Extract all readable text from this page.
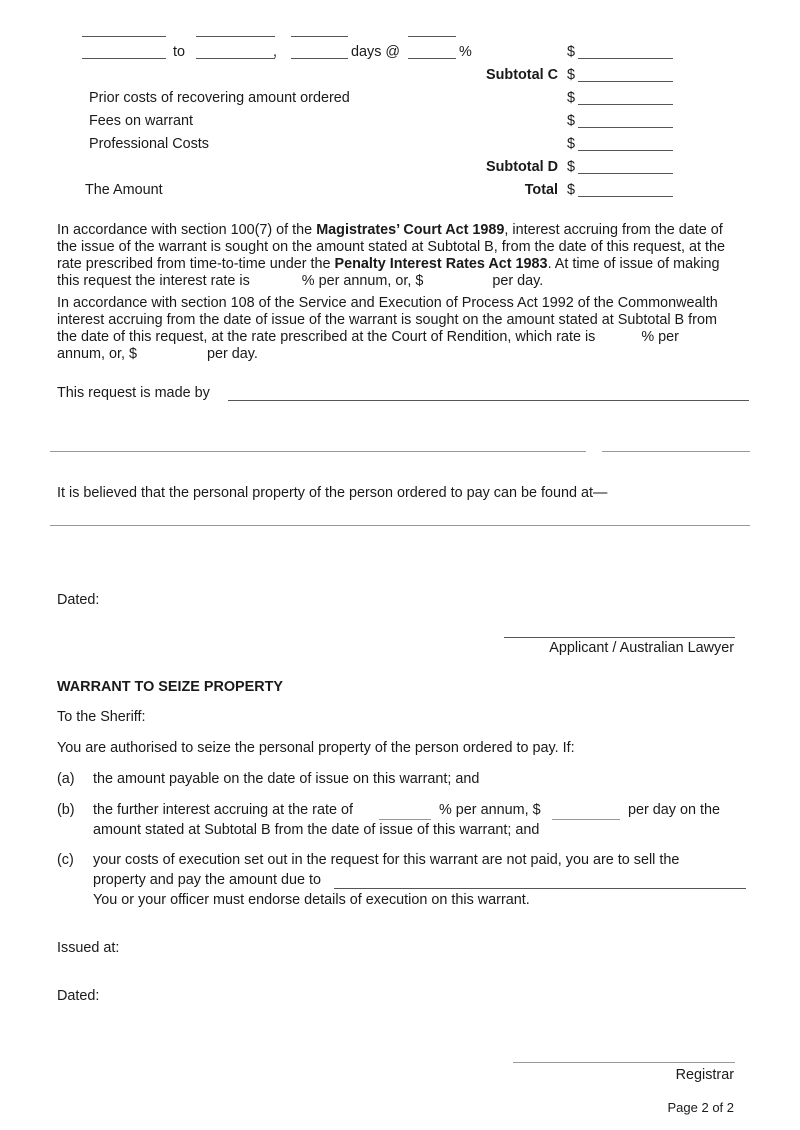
to	,	days @	%	$
Subtotal C $
Prior costs of recovering amount ordered	$
Fees on warrant	$
Professional Costs	$
Subtotal D $
The Amount	Total $
In accordance with section 100(7) of the Magistrates’ Court Act 1989, interest accruing from the date of
the issue of the warrant is sought on the amount stated at Subtotal B, from the date of this request, at the
rate prescribed from time-to-time under the Penalty Interest Rates Act 1983. At time of issue of making
this request the interest rate is	% per annum, or, $	per day.
In accordance with section 108 of the Service and Execution of Process Act 1992 of the Commonwealth
interest accruing from the date of issue of the warrant is sought on the amount stated at Subtotal B from
the date of this request, at the rate prescribed at the Court of Rendition, which rate is	% per
annum, or, $	per day.
This request is made by
It is believed that the personal property of the person ordered to pay can be found at—
Dated:
Applicant / Australian Lawyer
WARRANT TO SEIZE PROPERTY
To the Sheriff:
You are authorised to seize the personal property of the person ordered to pay. If:
(a) the amount payable on the date of issue on this warrant; and
(b) the further interest accruing at the rate of	% per annum, $	per day on the
amount stated at Subtotal B from the date of issue of this warrant; and
(c) your costs of execution set out in the request for this warrant are not paid, you are to sell the
property and pay the amount due to
You or your officer must endorse details of execution on this warrant.
Issued at:
Dated:
Registrar
Page 2 of 2
